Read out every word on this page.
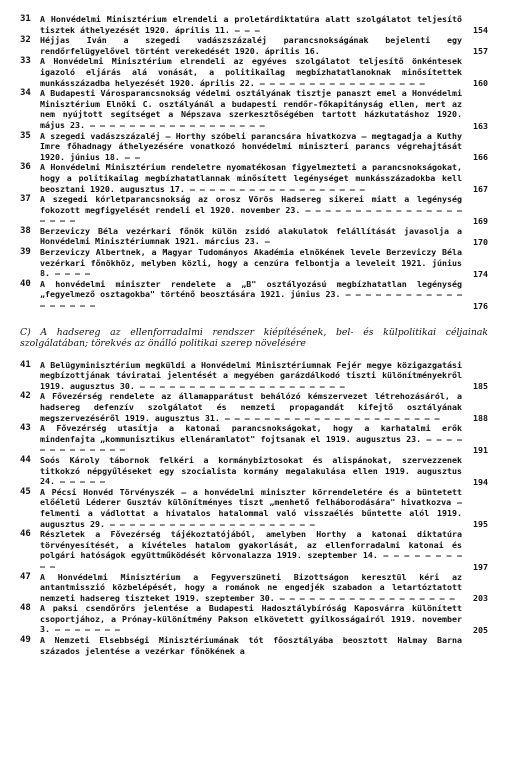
31	A Honvédelmi Minisztérium elrendeli a proletárdiktatúra alatt szolgálatot teljesítő tisztek áthelyezését 1920. április 11. — — —	154
32	Héjjas Iván a szegedi vadászszázaléj parancsnokságának bejelenti egy rendőrfelügyelővel történt verekedését 1920. április 16.	157
33	A Honvédelmi Minisztérium elrendeli az egyéves szolgálatot teljesítő önkéntesek igazoló eljárás alá vonását, a politikailag megbízhatatlanoknak minősítettek munkásszázadba helyezését 1920. április 22. — — — — — — — — — — — — — — — — —	160
34	A Budapesti Városparancsnokság védelmi osztályának tisztje panaszt emel a Honvédelmi Minisztérium Elnöki C. osztályánál a budapesti rendőr-főkapitányság ellen, mert az nem nyújtott segítséget a Népszava szerkesztőségében tartott házkutatáshoz 1920. május 23. — — — — — — — — — — — — — — — — — —	163
35	A szegedi vadászszázaléj — Horthy szóbeli parancsára hivatkozva — megtagadja a Kuthy Imre főhadnagy áthelyezésére vonatkozó honvédelmi miniszteri parancs végrehajtását 1920. június 18. — —	166
36	A Honvédelmi Minisztérium rendeletre nyomatékosan figyelmezteti a parancsnokságokat, hogy a politikailag megbízhatatlannak minősített legénységet munkásszázadokba kell beosztani 1920. augusztus 17. — — — — — — — — — — — — — — — — — —	167
37	A szegedi kórletparancsnokság az orosz Vörös Hadsereg sikerei miatt a legénység fokozott megfigyelését rendeli el 1920. november 23. — — — — — — — — — — — — — — — — — — — —	169
38	Berzeviczy Béla vezérkari főnök külön zsidó alakulatok felállítását javasolja a Honvédelmi Minisztériumnak 1921. március 23. —	170
39	Berzeviczy Albertnek, a Magyar Tudományos Akadémia elnökének levele Berzeviczy Béla vezérkari főnökhöz, melyben közli, hogy a cenzúra felbontja a leveleit 1921. június 8. — — — —	174
40	A honvédelmi miniszter rendelete a „B" osztályozású megbízhatatlan legénység „fegyelmező osztagokba" történő beosztására 1921. június 23. — — — — — — — — — — — — — — — — — —	176
C) A hadsereg az ellenforradalmi rendszer kiépítésének, bel- és külpolitikai céljainak szolgálatában; törekvés az önálló politikai szerep növelésére
41	A Belügyminisztérium megküldi a Honvédelmi Minisztériumnak Fejér megye közigazgatási megbízottjának táviratai jelentését a megyében garázdálkodó tiszti különítményekről 1919. augusztus 30. — — — — — — — — — — — — — — — — — — — — —	185
42	A Fővezérség rendelete az államapparátust behálózó kémszervezet létrehozásáról, a hadsereg defenzív szolgálatot és nemzeti propagandát kifejtő osztályának megszervezéséről 1919. augusztus 31. — — — — — — — — — — — — — — — — — — — — — —	188
43	A Fővezérség utasítja a katonai parancsnokságokat, hogy a karhatalmi erők mindenfajta „kommunisztikus ellenáramlatot" fojtsanak el 1919. augusztus 23. — — — — — — — — — — — — —	191
44	Soós Károly tábornok felkéri a kormánybiztosokat és alispánokat, szervezzenek titkokzó népgyűléseket egy szocialista kormány megalakulása ellen 1919. augusztus 24. — — — — —	194
45	A Pécsi Honvéd Törvényszék — a honvédelmi miniszter körrendeletére és a büntetett előéletű Léderer Gusztáv különítményes tiszt „menhető felháborodására" hivatkozva — felmenti a vádlottat a hivatalos hatalommal való visszaélés bűntette alól 1919. augusztus 29. — — — — — — — — — — — — — — — — — — — — —	195
46	Részletek a Fővezérség tájékoztatójából, amelyben Horthy a katonai diktatúra törvényesítését, a kivételes hatalom gyakorlását, az ellenforradalmi katonai és polgári hatóságok együttműködését körvonalazza 1919. szeptember 14. — — — — — — — — — —	197
47	A Honvédelmi Minisztérium a Fegyverszüneti Bizottságon keresztül kéri az antantmisszió közbelépését, hogy a románok ne engedjék szabadon a letartóztatott nemzeti hadsereg tiszteket 1919. szeptember 30. — — — — — — — — — — — — — — — — — —	203
48	A paksi csendőrőrs jelentése a Budapesti Hadosztálybíróság Kaposvárra különített csoportjához, a Prónay-különítmény Pakson elkövetett gyilkosságairól 1919. november 3. — — — — — — —	205
49	A Nemzeti Elsebbségi Minisztériumának tót főosztályába beosztott Halmay Barna százados jelentése a vezérkar főnökének a
